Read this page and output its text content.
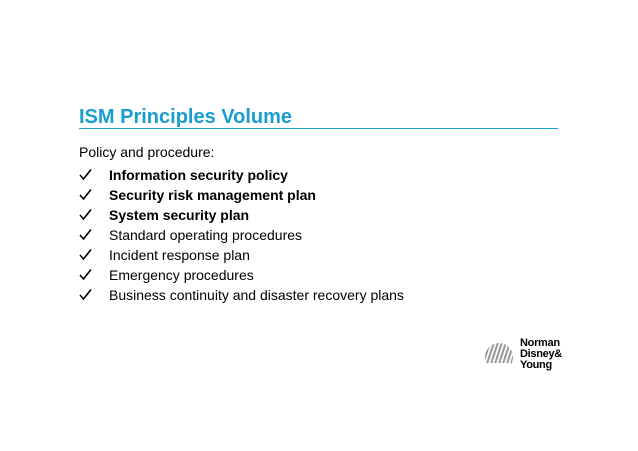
ISM Principles Volume
Policy and procedure:
Information security policy
Security risk management plan
System security plan
Standard operating procedures
Incident response plan
Emergency procedures
Business continuity and disaster recovery plans
Norman
Disney&
Young
